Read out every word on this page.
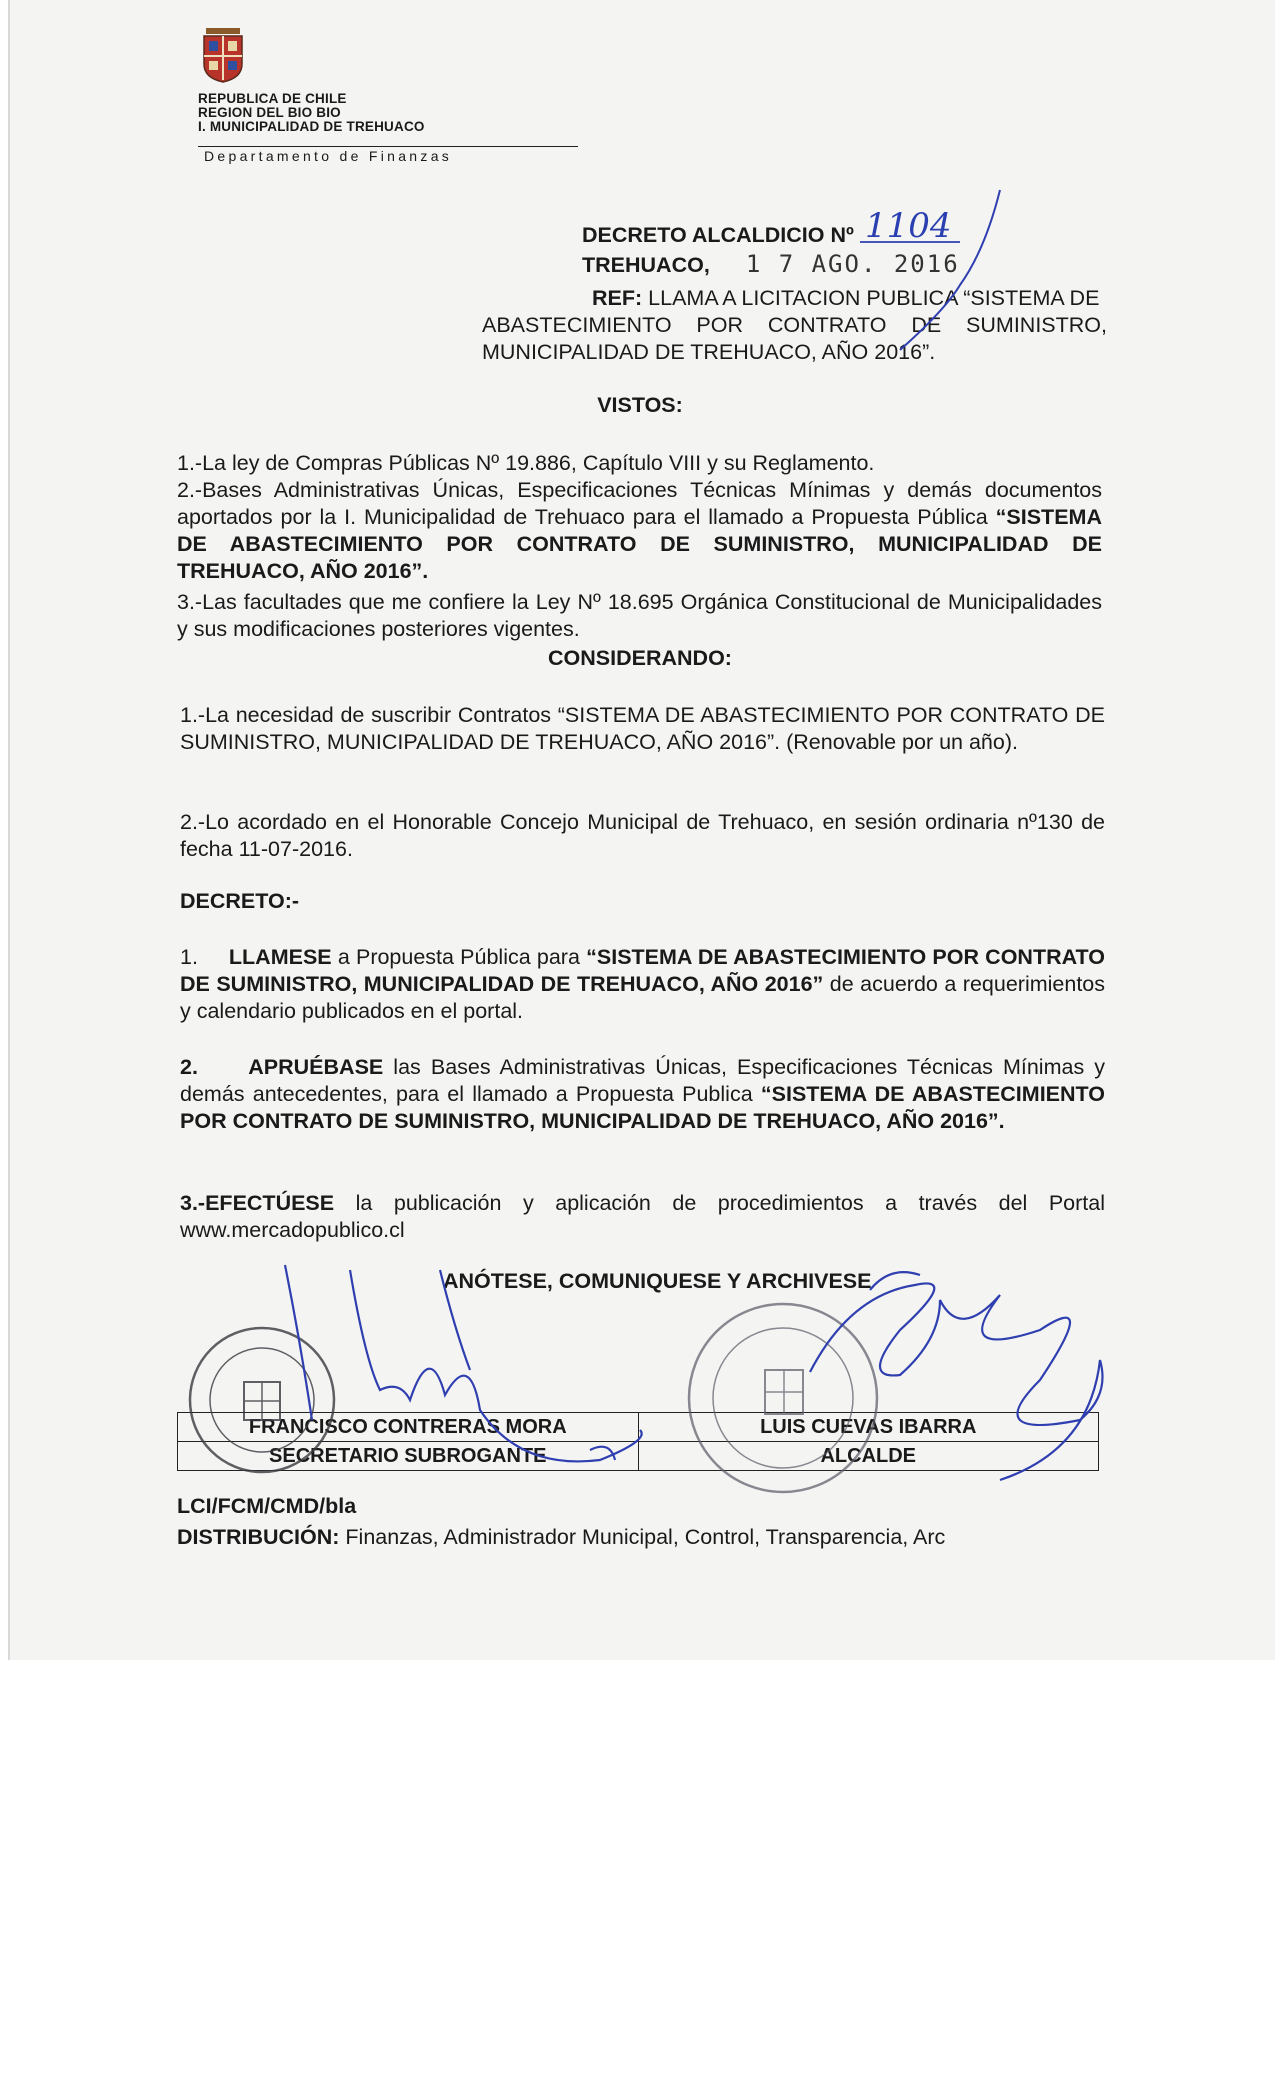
REPUBLICA DE CHILE
REGION DEL BIO BIO
I. MUNICIPALIDAD DE TREHUACO
Departamento de Finanzas
DECRETO ALCALDICIO Nº 1104
TREHUACO, 1 7 AGO. 2016
REF: LLAMA A LICITACION PUBLICA “SISTEMA DE
ABASTECIMIENTO POR CONTRATO DE SUMINISTRO,
MUNICIPALIDAD DE TREHUACO, AÑO 2016”.
VISTOS:
1.-La ley de Compras Públicas Nº 19.886, Capítulo VIII y su Reglamento.
2.-Bases Administrativas Únicas, Especificaciones Técnicas Mínimas y demás documentos aportados por la I. Municipalidad de Trehuaco para el llamado a Propuesta Pública “SISTEMA DE ABASTECIMIENTO POR CONTRATO DE SUMINISTRO, MUNICIPALIDAD DE TREHUACO, AÑO 2016”.
3.-Las facultades que me confiere la Ley Nº 18.695 Orgánica Constitucional de Municipalidades y sus modificaciones posteriores vigentes.
CONSIDERANDO:
1.-La necesidad de suscribir Contratos “SISTEMA DE ABASTECIMIENTO POR CONTRATO DE SUMINISTRO, MUNICIPALIDAD DE TREHUACO, AÑO 2016”. (Renovable por un año).
2.-Lo acordado en el Honorable Concejo Municipal de Trehuaco, en sesión ordinaria nº130 de fecha 11-07-2016.
DECRETO:-
1. LLAMESE a Propuesta Pública para “SISTEMA DE ABASTECIMIENTO POR CONTRATO DE SUMINISTRO, MUNICIPALIDAD DE TREHUACO, AÑO 2016” de acuerdo a requerimientos y calendario publicados en el portal.
2. APRUÉBASE las Bases Administrativas Únicas, Especificaciones Técnicas Mínimas y demás antecedentes, para el llamado a Propuesta Publica “SISTEMA DE ABASTECIMIENTO POR CONTRATO DE SUMINISTRO, MUNICIPALIDAD DE TREHUACO, AÑO 2016”.
3.-EFECTÚESE la publicación y aplicación de procedimientos a través del Portal www.mercadopublico.cl
ANÓTESE, COMUNIQUESE Y ARCHIVESE
FRANCISCO CONTRERAS MORA	LUIS CUEVAS IBARRA
SECRETARIO SUBROGANTE	ALCALDE
LCI/FCM/CMD/bla
DISTRIBUCIÓN: Finanzas, Administrador Municipal, Control, Transparencia, Arc
